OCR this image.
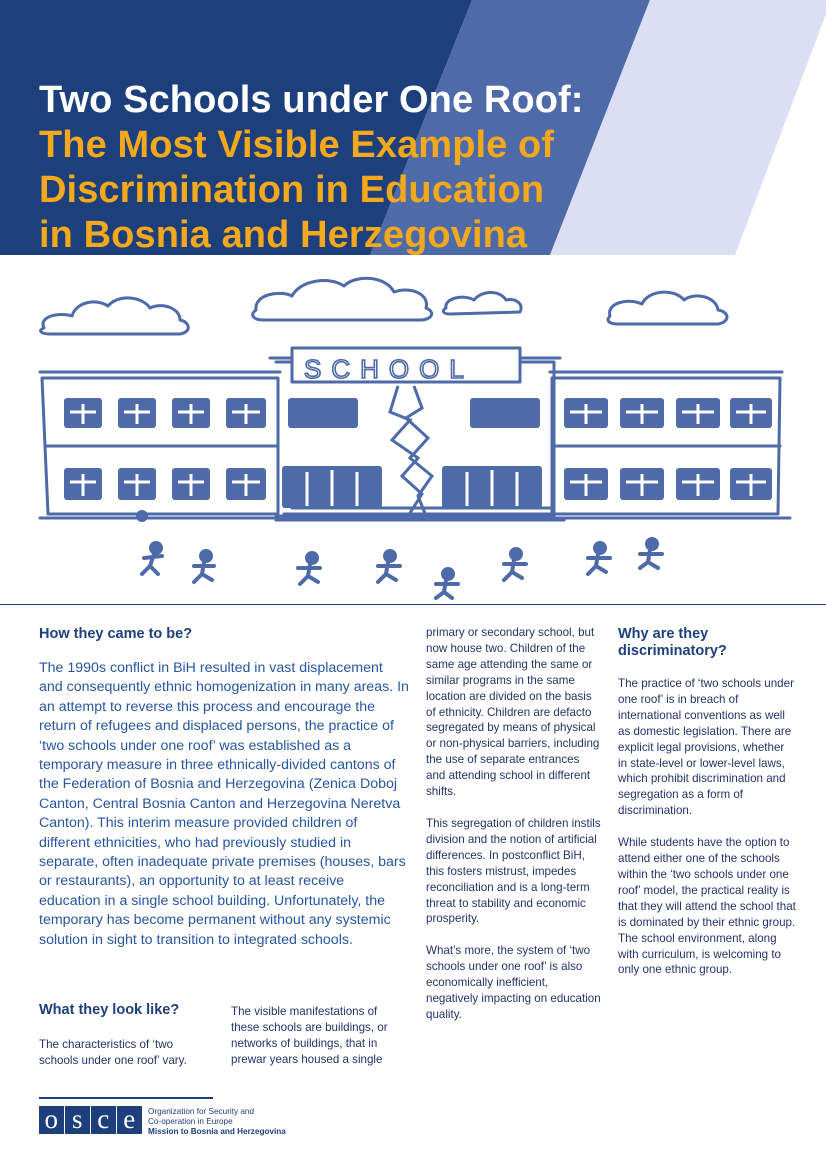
Two Schools under One Roof:
The Most Visible Example of
Discrimination in Education
in Bosnia and Herzegovina
SCHOOL
How they came to be?

The 1990s conflict in BiH resulted in vast displacement and consequently ethnic homogenization in many areas. In an attempt to reverse this process and encourage the return of refugees and displaced persons, the practice of ‘two schools under one roof’ was established as a temporary measure in three ethnically-divided cantons of the Federation of Bosnia and Herzegovina (Zenica Doboj Canton, Central Bosnia Canton and Herzegovina Neretva Canton). This interim measure provided children of different ethnicities, who had previously studied in separate, often inadequate private premises (houses, bars or restaurants), an opportunity to at least receive education in a single school building. Unfortunately, the temporary has become permanent without any systemic solution in sight to transition to integrated schools.

What they look like?

The characteristics of ‘two schools under one roof’ vary.

The visible manifestations of these schools are buildings, or networks of buildings, that in prewar years housed a single

primary or secondary school, but now house two. Children of the same age attending the same or similar programs in the same location are divided on the basis of ethnicity. Children are defacto segregated by means of physical or non-physical barriers, including the use of separate entrances and attending school in different shifts.

This segregation of children instils division and the notion of artificial differences. In postconflict BiH, this fosters mistrust, impedes reconciliation and is a long-term threat to stability and economic prosperity.

What’s more, the system of ‘two schools under one roof’ is also economically inefficient, negatively impacting on education quality.

Why are they discriminatory?

The practice of ‘two schools under one roof’ is in breach of international conventions as well as domestic legislation. There are explicit legal provisions, whether in state-level or lower-level laws, which prohibit discrimination and segregation as a form of discrimination.

While students have the option to attend either one of the schools within the ‘two schools under one roof’ model, the practical reality is that they will attend the school that is dominated by their ethnic group. The school environment, along with curriculum, is welcoming to only one ethnic group.

o s c e	Organization for Security and
Co-operation in Europe
Mission to Bosnia and Herzegovina
